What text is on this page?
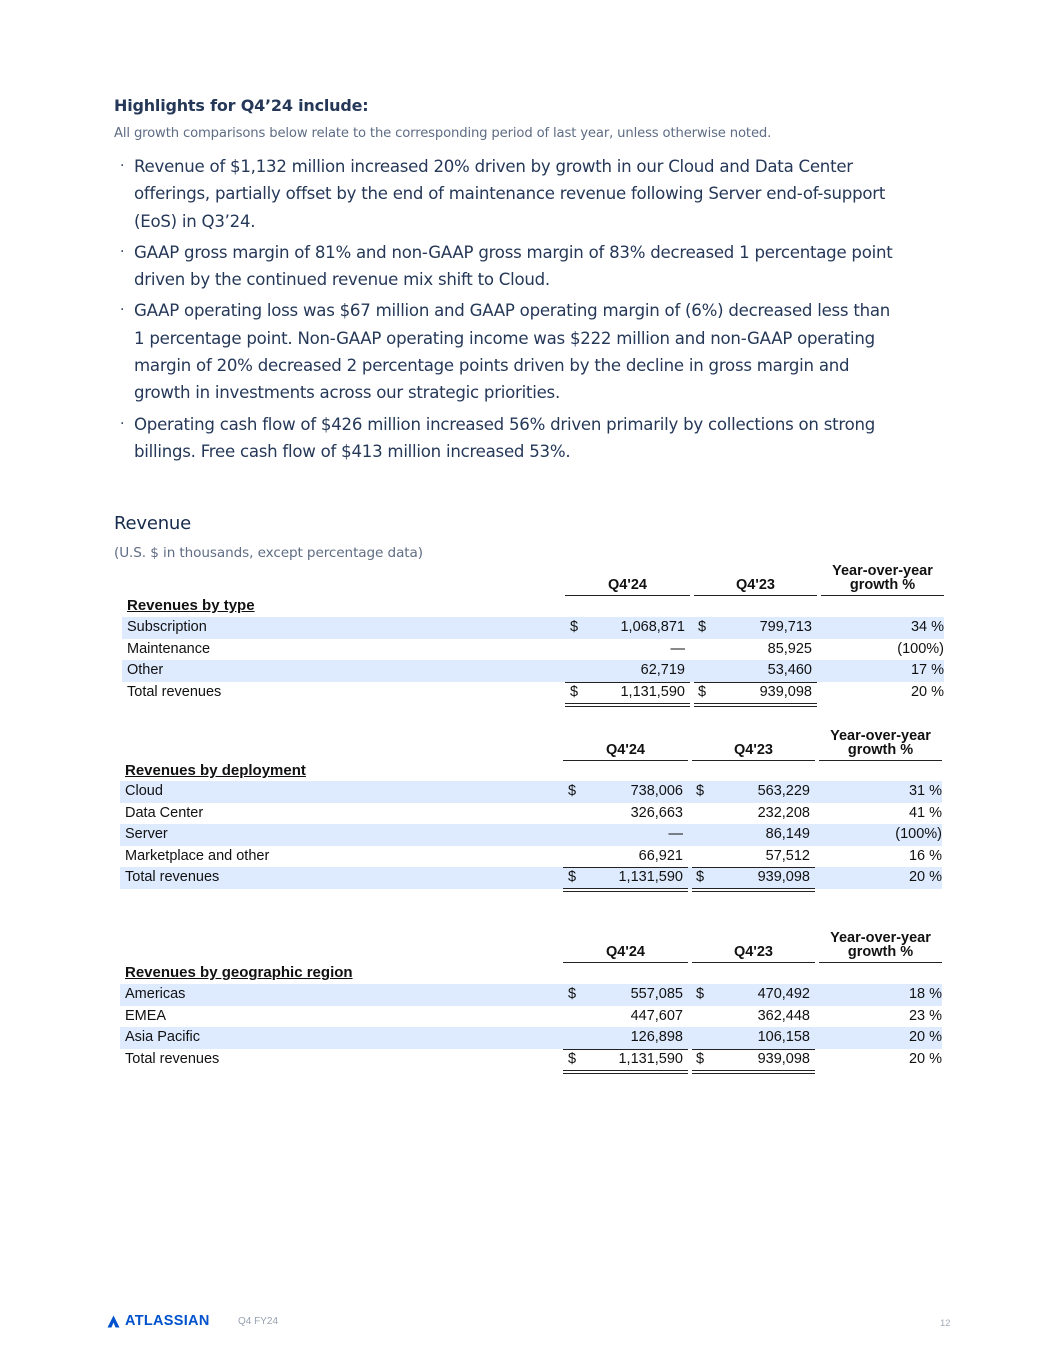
Highlights for Q4’24 include:
All growth comparisons below relate to the corresponding period of last year, unless otherwise noted.
· Revenue of $1,132 million increased 20% driven by growth in our Cloud and Data Center offerings, partially offset by the end of maintenance revenue following Server end-of-support (EoS) in Q3’24.
· GAAP gross margin of 81% and non-GAAP gross margin of 83% decreased 1 percentage point driven by the continued revenue mix shift to Cloud.
· GAAP operating loss was $67 million and GAAP operating margin of (6%) decreased less than 1 percentage point. Non-GAAP operating income was $222 million and non-GAAP operating margin of 20% decreased 2 percentage points driven by the decline in gross margin and growth in investments across our strategic priorities.
· Operating cash flow of $426 million increased 56% driven primarily by collections on strong billings. Free cash flow of $413 million increased 53%.
Revenue
(U.S. $ in thousands, except percentage data)
Q4'24	Q4'23
Year-over-year
growth %
Revenues by type
Subscription	$	1,068,871 $	799,713	34 %
Maintenance	—	85,925	(100%)
Other	62,719	53,460	17 %
Total revenues	$	1,131,590 $	939,098	20 %
Q4'24	Q4'23
Year-over-year
growth %
Revenues by deployment
Cloud	$	738,006 $	563,229	31 %
Data Center	326,663	232,208	41 %
Server	—	86,149	(100%)
Marketplace and other	66,921	57,512	16 %
Total revenues	$	1,131,590 $	939,098	20 %
Q4'24	Q4'23
Year-over-year
growth %
Revenues by geographic region
Americas	$	557,085 $	470,492	18 %
EMEA	447,607	362,448	23 %
Asia Pacific	126,898	106,158	20 %
Total revenues	$	1,131,590 $	939,098	20 %
ATLASSIAN	Q4 FY24	12
